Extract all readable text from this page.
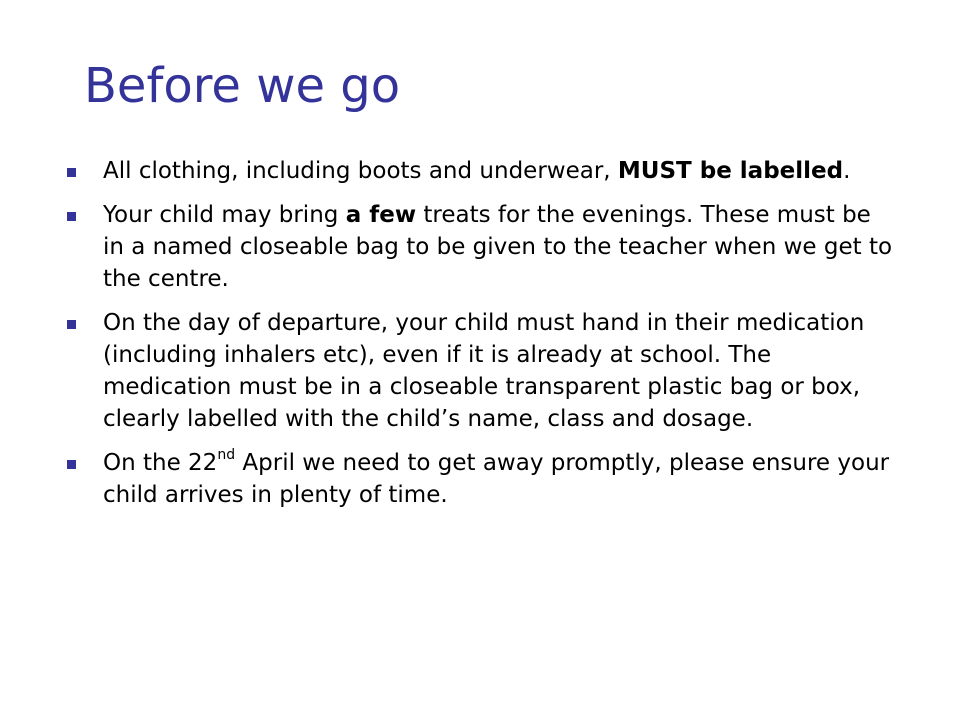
Before we go
All clothing, including boots and underwear, MUST be labelled.
Your child may bring a few treats for the evenings. These must be in a named closeable bag to be given to the teacher when we get to the centre.
On the day of departure, your child must hand in their medication (including inhalers etc), even if it is already at school. The medication must be in a closeable transparent plastic bag or box, clearly labelled with the child’s name, class and dosage.
On the 22nd April we need to get away promptly, please ensure your child arrives in plenty of time.
